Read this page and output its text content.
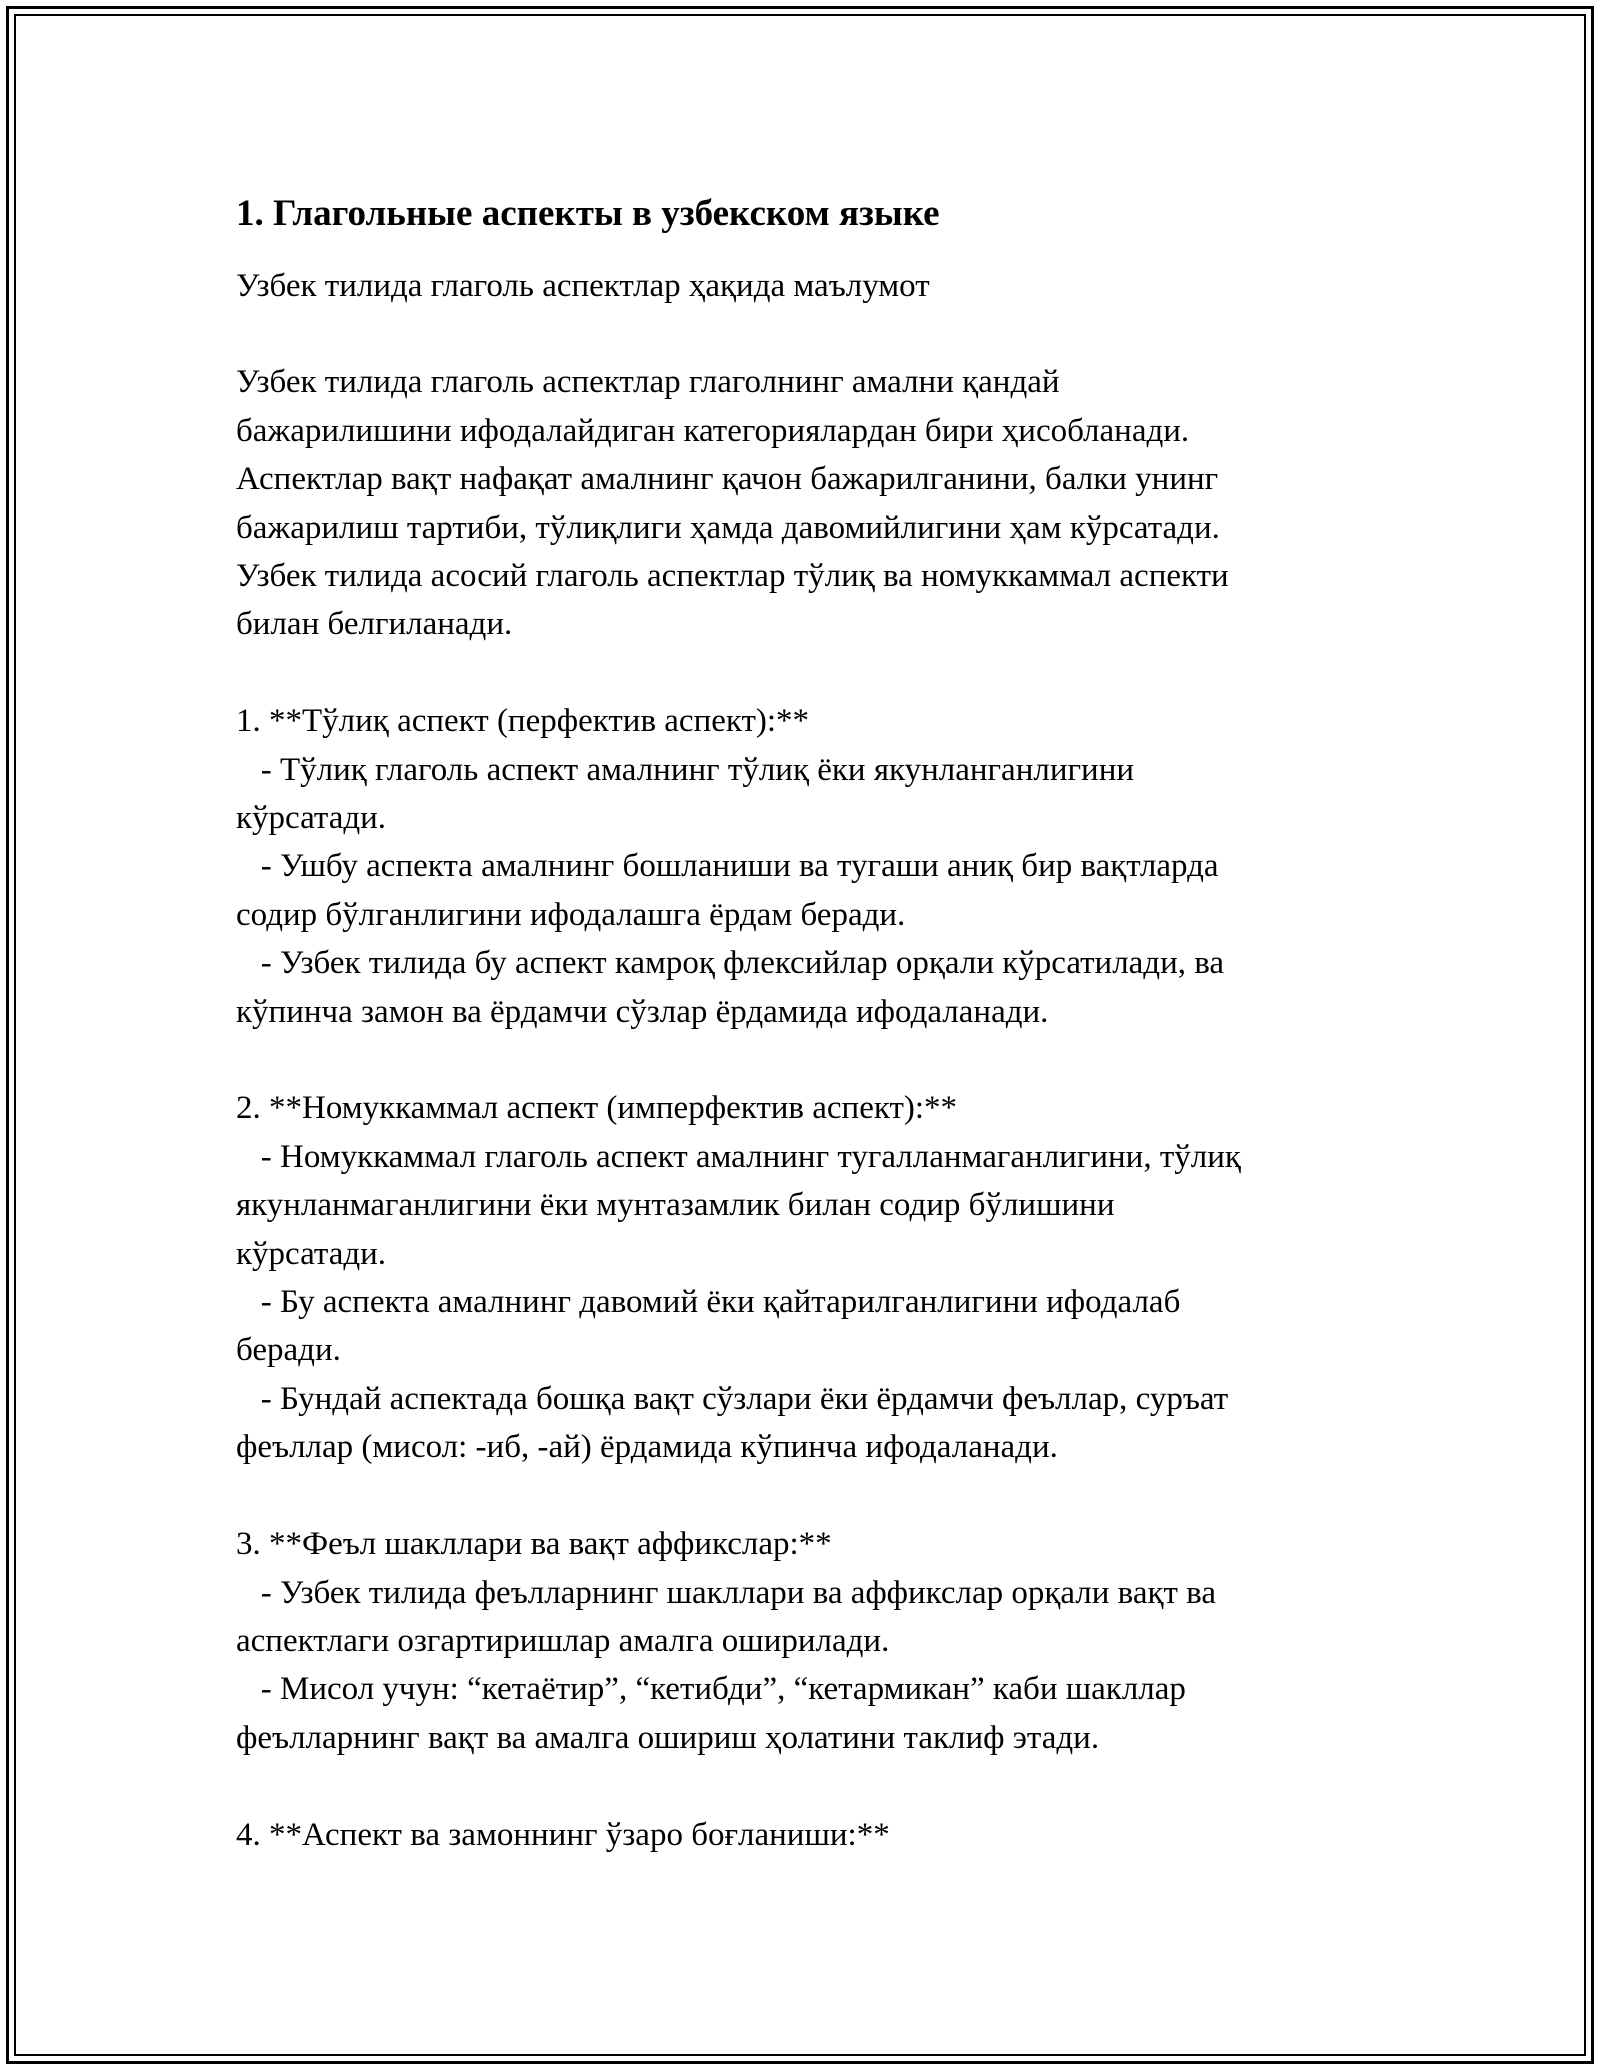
1. Глагольные аспекты в узбекском языке

Узбек тилида глаголь аспектлар ҳақида маълумот

Узбек тилида глаголь аспектлар глаголнинг амални қандай
бажарилишини ифодалайдиган категориялардан бири ҳисобланади.
Аспектлар вақт нафақат амалнинг қачон бажарилганини, балки унинг
бажарилиш тартиби, тўлиқлиги ҳамда давомийлигини ҳам кўрсатади.
Узбек тилида асосий глаголь аспектлар тўлиқ ва номуккаммал аспекти
билан белгиланади.

1. **Тўлиқ аспект (перфектив аспект):**

- Тўлиқ глаголь аспект амалнинг тўлиқ ёки якунланганлигини
кўрсатади.
- Ушбу аспекта амалнинг бошланиши ва тугаши аниқ бир вақтларда
содир бўлганлигини ифодалашга ёрдам беради.
- Узбек тилида бу аспект камроқ флексийлар орқали кўрсатилади, ва
кўпинча замон ва ёрдамчи сўзлар ёрдамида ифодаланади.

2. **Номуккаммал аспект (имперфектив аспект):**

- Номуккаммал глаголь аспект амалнинг тугалланмаганлигини, тўлиқ
якунланмаганлигини ёки мунтазамлик билан содир бўлишини
кўрсатади.
- Бу аспекта амалнинг давомий ёки қайтарилганлигини ифодалаб
беради.
- Бундай аспектада бошқа вақт сўзлари ёки ёрдамчи феъллар, суръат
феъллар (мисол: -иб, -ай) ёрдамида кўпинча ифодаланади.

3. **Феъл шакллари ва вақт аффикслар:**

- Узбек тилида феълларнинг шакллари ва аффикслар орқали вақт ва
аспектлаги озгартиришлар амалга оширилади.
- Мисол учун: “кетаётир”, “кетибди”, “кетармикан” каби шакллар
феълларнинг вақт ва амалга ошириш ҳолатини таклиф этади.

4. **Аспект ва замоннинг ўзаро боғланиши:**
